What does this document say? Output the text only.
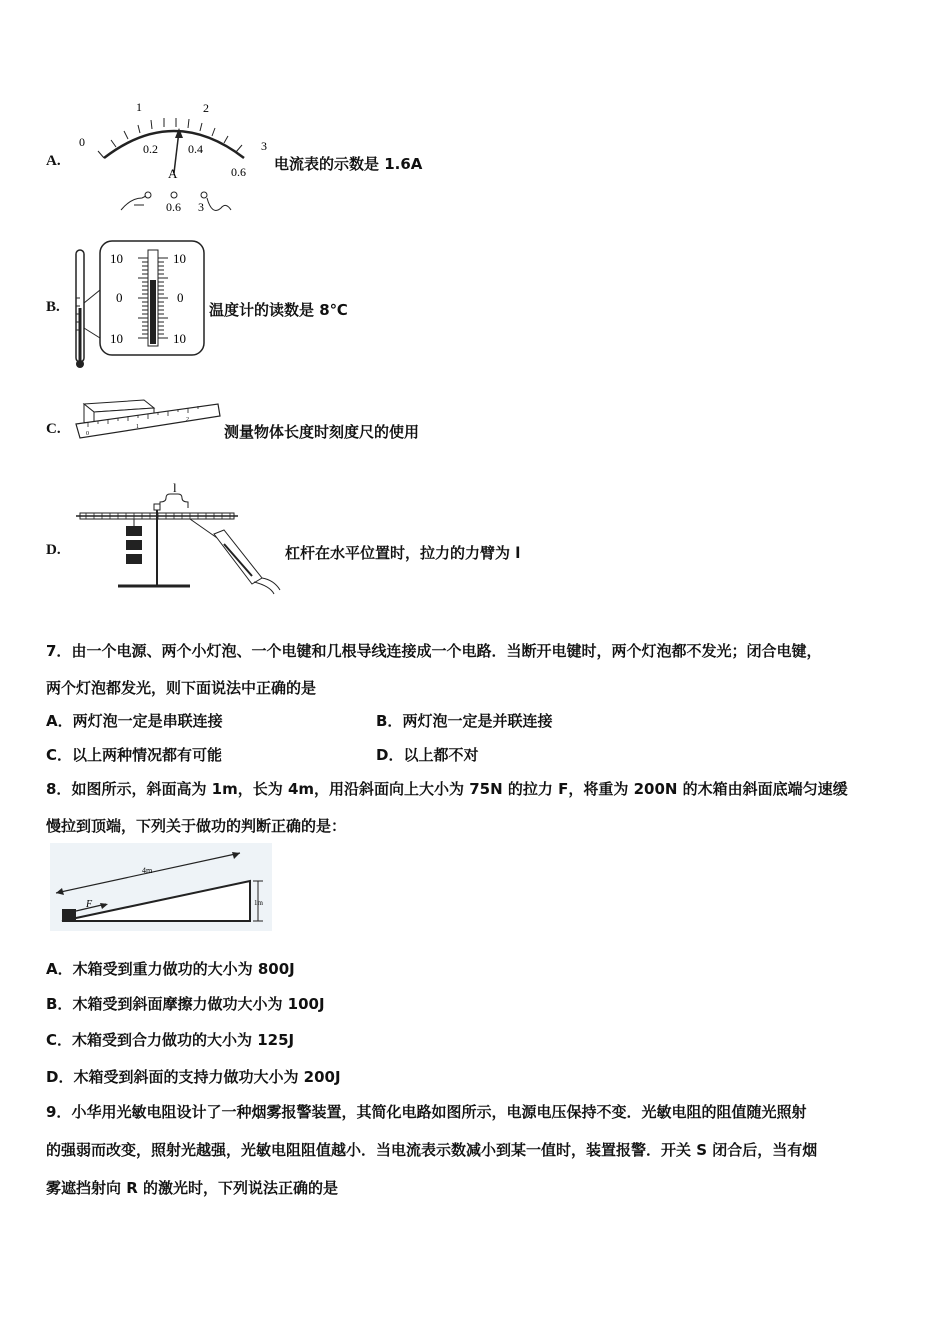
A.
0
1	2
3
0.2	0.4
0.6
A
0.6 3
电流表的示数是 1.6A
B.
10
0
10
10
0
10
温度计的读数是 8℃
C.	0
1
2
测量物体长度时刻度尺的使用
D.
l
杠杆在水平位置时，拉力的力臂为 l
7．由一个电源、两个小灯泡、一个电键和几根导线连接成一个电路．当断开电键时，两个灯泡都不发光；闭合电键，
两个灯泡都发光，则下面说法中正确的是
A．两灯泡一定是串联连接	B．两灯泡一定是并联连接
C．以上两种情况都有可能	D．以上都不对
8．如图所示，斜面高为 1m，长为 4m，用沿斜面向上大小为 75N 的拉力 F，将重为 200N 的木箱由斜面底端匀速缓
慢拉到顶端，下列关于做功的判断正确的是：
4m
1m
F
A．木箱受到重力做功的大小为 800J
B．木箱受到斜面摩擦力做功大小为 100J
C．木箱受到合力做功的大小为 125J
D．木箱受到斜面的支持力做功大小为 200J
9．小华用光敏电阻设计了一种烟雾报警装置，其简化电路如图所示，电源电压保持不变．光敏电阻的阻值随光照射
的强弱而改变，照射光越强，光敏电阻阻值越小．当电流表示数减小到某一值时，装置报警．开关 S 闭合后，当有烟
雾遮挡射向 R 的激光时，下列说法正确的是
